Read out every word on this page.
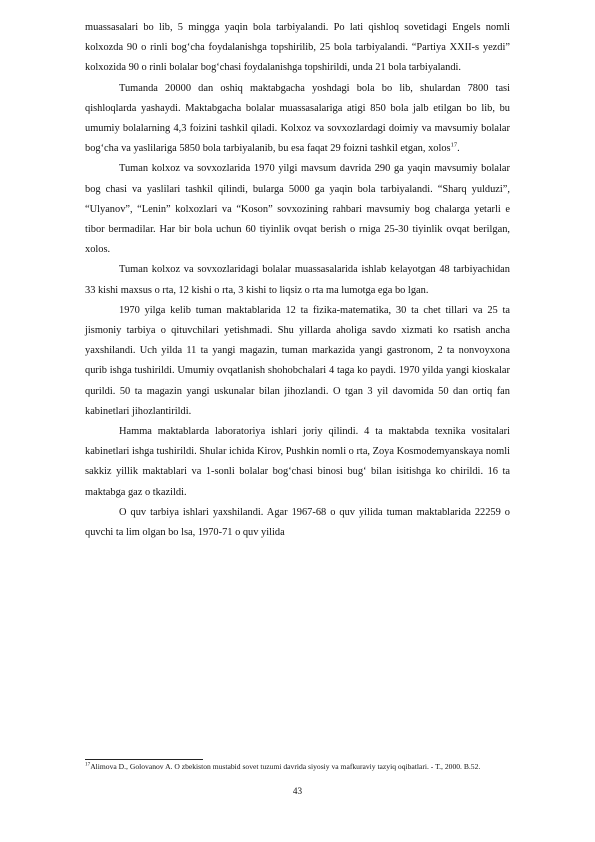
muassasalari bo lib, 5 mingga yaqin bola tarbiyalandi. Po lati qishloq sovetidagi Engels nomli kolxozda 90 o rinli bog‘cha foydalanishga topshirilib, 25 bola tarbiyalandi. “Partiya XXII-s yezdi” kolxozida 90 o rinli bolalar bog‘chasi foydalanishga topshirildi, unda 21 bola tarbiyalandi.

Tumanda 20000 dan oshiq maktabgacha yoshdagi bola bo lib, shulardan 7800 tasi qishloqlarda yashaydi. Maktabgacha bolalar muassasalariga atigi 850 bola jalb etilgan bo lib, bu umumiy bolalarning 4,3 foizini tashkil qiladi. Kolxoz va sovxozlardagi doimiy va mavsumiy bolalar bog‘cha va yaslilariga 5850 bola tarbiyalanib, bu esa faqat 29 foizni tashkil etgan, xolos$^{17}$.

Tuman kolxoz va sovxozlarida 1970 yilgi mavsum davrida 290 ga yaqin mavsumiy bolalar bog chasi va yaslilari tashkil qilindi, bularga 5000 ga yaqin bola tarbiyalandi. “Sharq yulduzi”, “Ulyanov”, “Lenin” kolxozlari va “Koson” sovxozining rahbari mavsumiy bog chalarga yetarli e tibor bermadilar. Har bir bola uchun 60 tiyinlik ovqat berish o rniga 25-30 tiyinlik ovqat berilgan, xolos.

Tuman kolxoz va sovxozlaridagi bolalar muassasalarida ishlab kelayotgan 48 tarbiyachidan 33 kishi maxsus o rta, 12 kishi o rta, 3 kishi to liqsiz o rta ma lumotga ega bo lgan.

1970 yilga kelib tuman maktablarida 12 ta fizika-matematika, 30 ta chet tillari va 25 ta jismoniy tarbiya o qituvchilari yetishmadi. Shu yillarda aholiga savdo xizmati ko rsatish ancha yaxshilandi. Uch yilda 11 ta yangi magazin, tuman markazida yangi gastronom, 2 ta nonvoyxona qurib ishga tushirildi. Umumiy ovqatlanish shohobchalari 4 taga ko paydi. 1970 yilda yangi kioskalar qurildi. 50 ta magazin yangi uskunalar bilan jihozlandi. O tgan 3 yil davomida 50 dan ortiq fan kabinetlari jihozlantirildi.

Hamma maktablarda laboratoriya ishlari joriy qilindi. 4 ta maktabda texnika vositalari kabinetlari ishga tushirildi. Shular ichida Kirov, Pushkin nomli o rta, Zoya Kosmodemyanskaya nomli sakkiz yillik maktablari va 1-sonli bolalar bog‘chasi binosi bug‘ bilan isitishga ko chirildi. 16 ta maktabga gaz o tkazildi.

O quv tarbiya ishlari yaxshilandi. Agar 1967-68 o quv yilida tuman maktablarida 22259 o quvchi ta lim olgan bo lsa, 1970-71 o quv yilida

$^{17}$Alimova D., Golovanov A. O zbekiston mustabid sovet tuzumi davrida siyosiy va mafkuraviy tazyiq oqibatlari. - T., 2000. B.52.
43
